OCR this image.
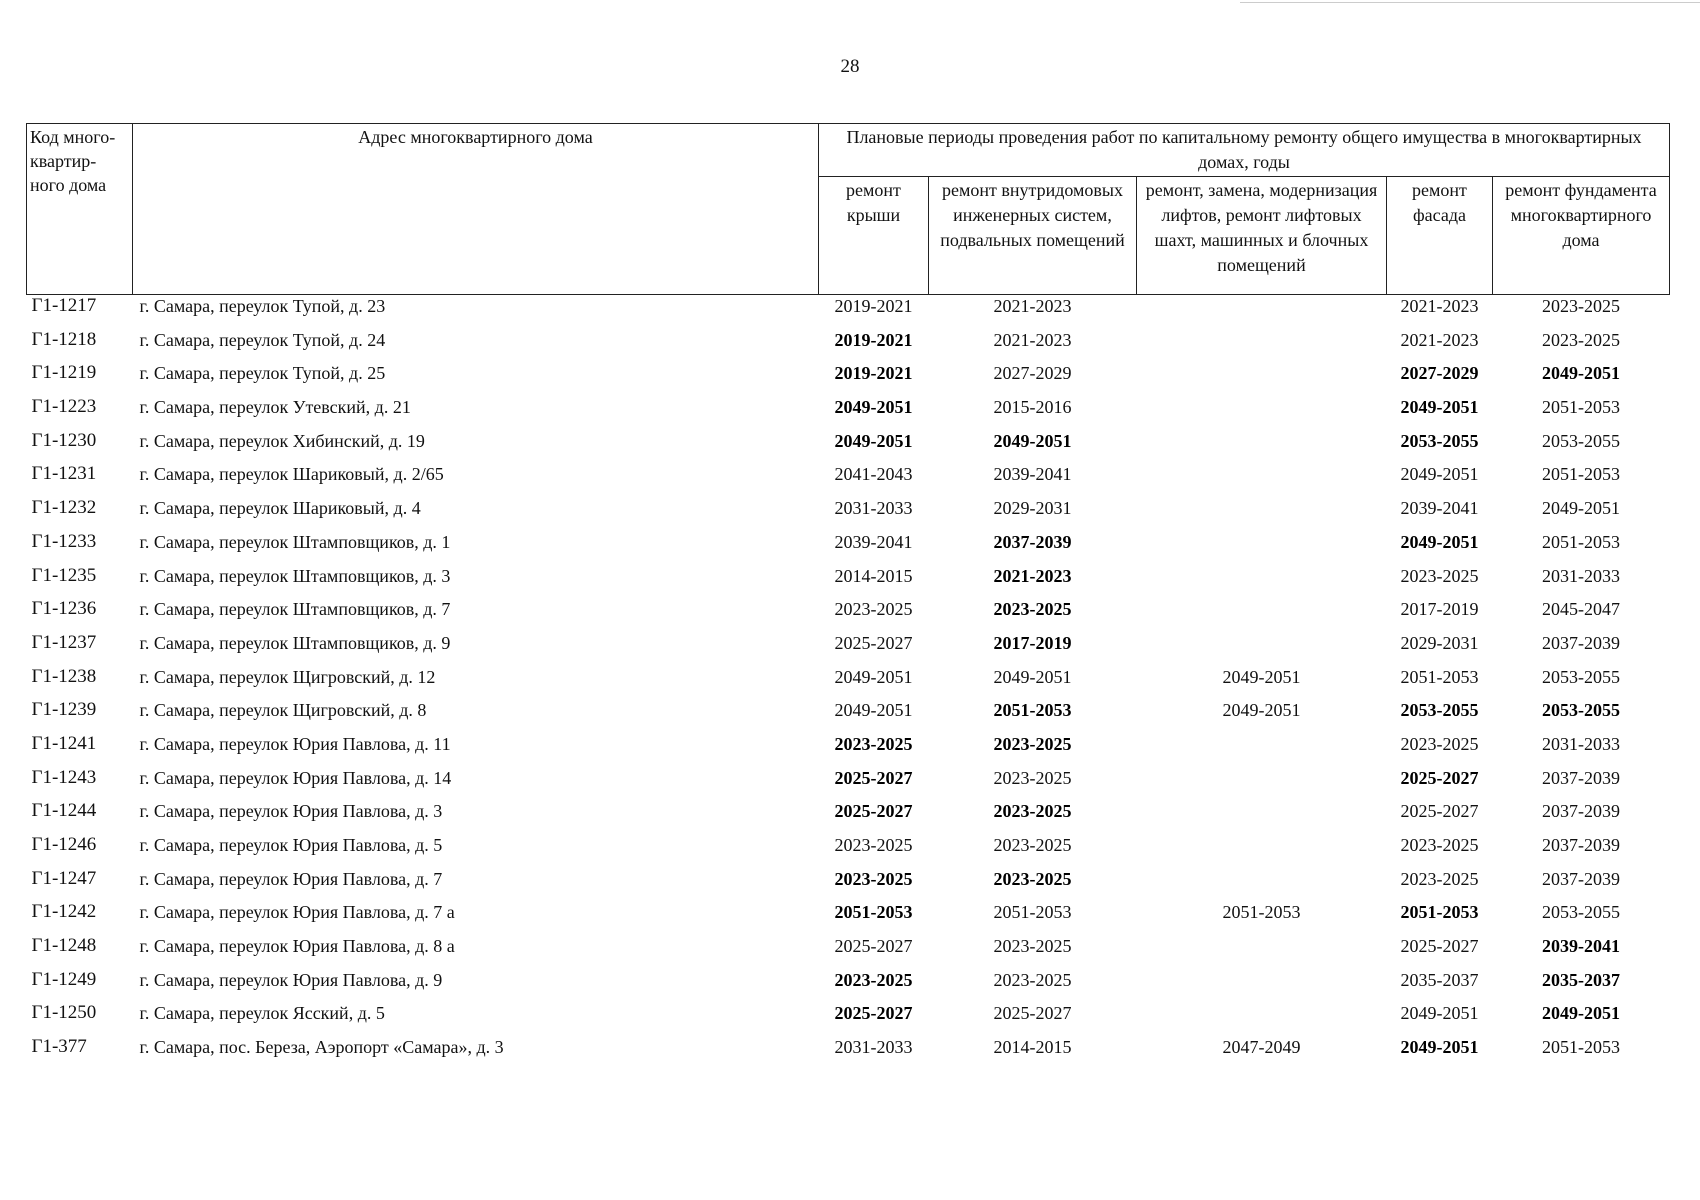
28
Код много-квартир-ного дома	Адрес многоквартирного дома	Плановые периоды проведения работ по капитальному ремонту общего имущества в многоквартирных домах, годы				
		ремонт крыши	ремонт внутридомовых инженерных систем, подвальных помещений	ремонт, замена, модернизация лифтов, ремонт лифтовых шахт, машинных и блочных помещений	ремонт фасада	ремонт фундамента многоквартирного дома
Г1-1217	г. Самара, переулок Тупой, д. 23	2019-2021	2021-2023		2021-2023	2023-2025
Г1-1218	г. Самара, переулок Тупой, д. 24	2019-2021	2021-2023		2021-2023	2023-2025
Г1-1219	г. Самара, переулок Тупой, д. 25	2019-2021	2027-2029		2027-2029	2049-2051
Г1-1223	г. Самара, переулок Утевский, д. 21	2049-2051	2015-2016		2049-2051	2051-2053
Г1-1230	г. Самара, переулок Хибинский, д. 19	2049-2051	2049-2051		2053-2055	2053-2055
Г1-1231	г. Самара, переулок Шариковый, д. 2/65	2041-2043	2039-2041		2049-2051	2051-2053
Г1-1232	г. Самара, переулок Шариковый, д. 4	2031-2033	2029-2031		2039-2041	2049-2051
Г1-1233	г. Самара, переулок Штамповщиков, д. 1	2039-2041	2037-2039		2049-2051	2051-2053
Г1-1235	г. Самара, переулок Штамповщиков, д. 3	2014-2015	2021-2023		2023-2025	2031-2033
Г1-1236	г. Самара, переулок Штамповщиков, д. 7	2023-2025	2023-2025		2017-2019	2045-2047
Г1-1237	г. Самара, переулок Штамповщиков, д. 9	2025-2027	2017-2019		2029-2031	2037-2039
Г1-1238	г. Самара, переулок Щигровский, д. 12	2049-2051	2049-2051	2049-2051	2051-2053	2053-2055
Г1-1239	г. Самара, переулок Щигровский, д. 8	2049-2051	2051-2053	2049-2051	2053-2055	2053-2055
Г1-1241	г. Самара, переулок Юрия Павлова, д. 11	2023-2025	2023-2025		2023-2025	2031-2033
Г1-1243	г. Самара, переулок Юрия Павлова, д. 14	2025-2027	2023-2025		2025-2027	2037-2039
Г1-1244	г. Самара, переулок Юрия Павлова, д. 3	2025-2027	2023-2025		2025-2027	2037-2039
Г1-1246	г. Самара, переулок Юрия Павлова, д. 5	2023-2025	2023-2025		2023-2025	2037-2039
Г1-1247	г. Самара, переулок Юрия Павлова, д. 7	2023-2025	2023-2025		2023-2025	2037-2039
Г1-1242	г. Самара, переулок Юрия Павлова, д. 7 а	2051-2053	2051-2053	2051-2053	2051-2053	2053-2055
Г1-1248	г. Самара, переулок Юрия Павлова, д. 8 а	2025-2027	2023-2025		2025-2027	2039-2041
Г1-1249	г. Самара, переулок Юрия Павлова, д. 9	2023-2025	2023-2025		2035-2037	2035-2037
Г1-1250	г. Самара, переулок Ясский, д. 5	2025-2027	2025-2027		2049-2051	2049-2051
Г1-377	г. Самара, пос. Береза, Аэропорт «Самара», д. 3	2031-2033	2014-2015	2047-2049	2049-2051	2051-2053
